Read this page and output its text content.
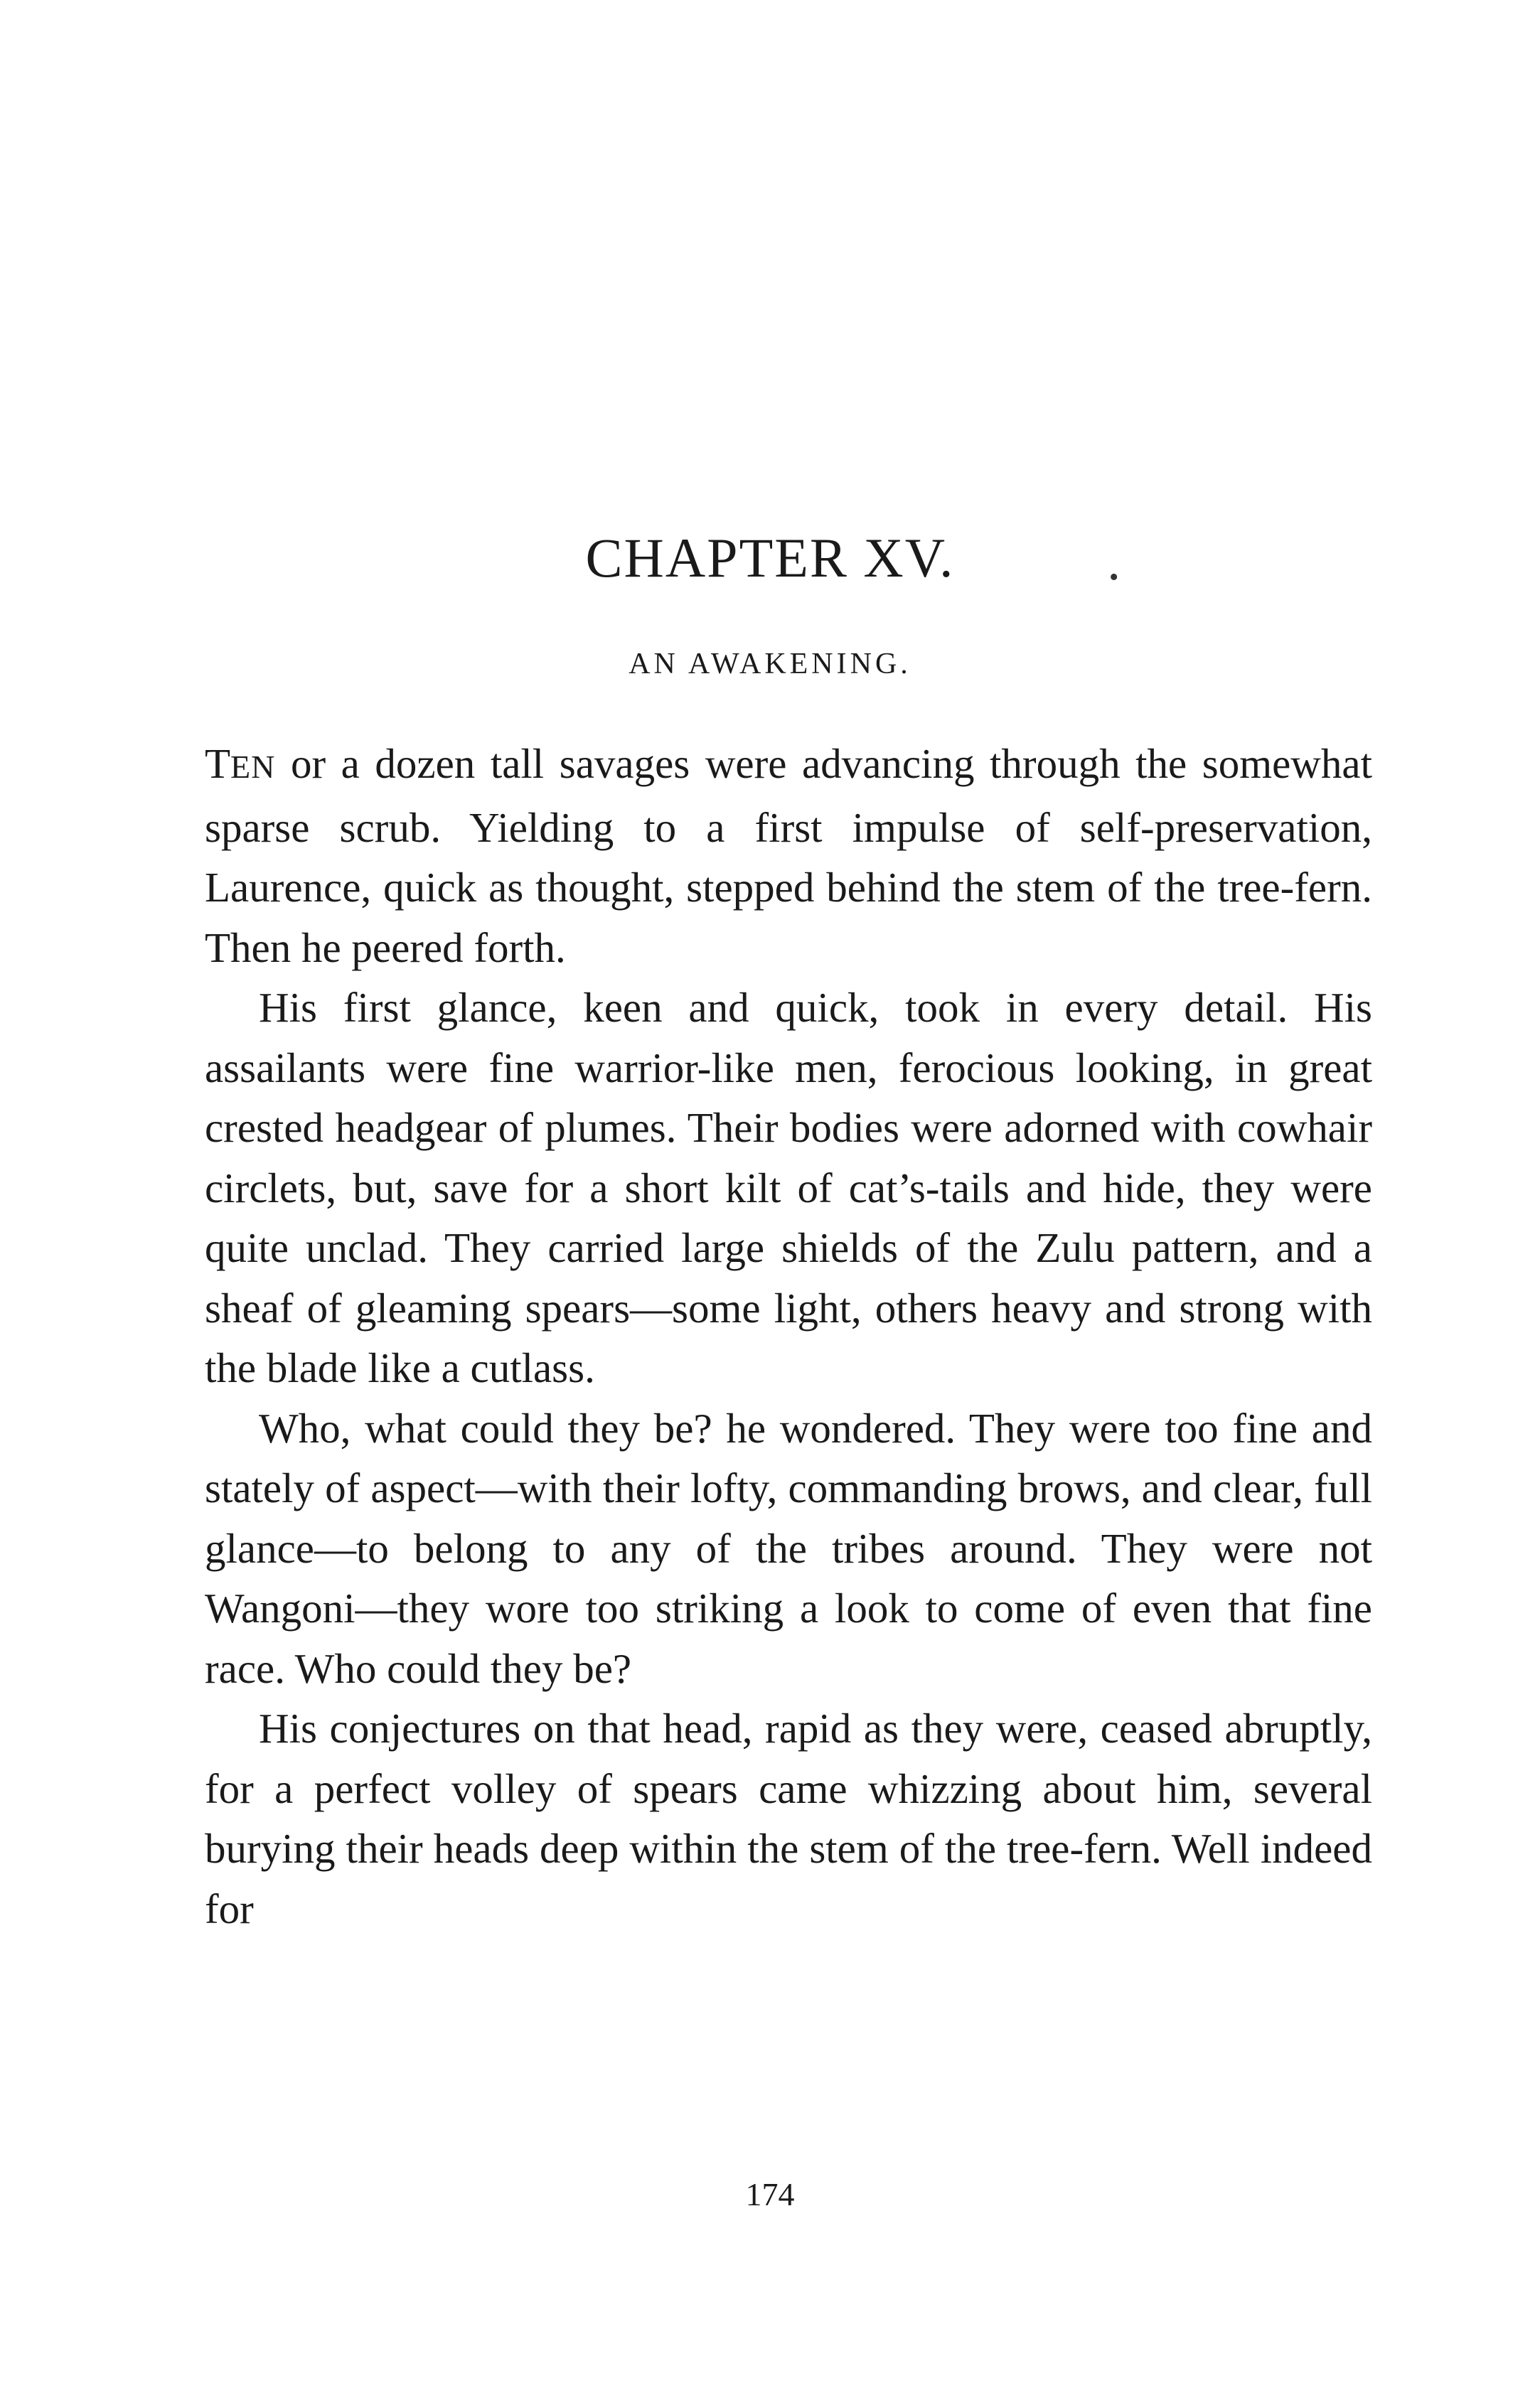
CHAPTER XV.	•
AN AWAKENING.

TEN or a dozen tall savages were advancing through the somewhat sparse scrub. Yielding to a first impulse of self-preservation, Laurence, quick as thought, stepped behind the stem of the tree-fern. Then he peered forth.

His first glance, keen and quick, took in every detail. His assailants were fine warrior-like men, ferocious looking, in great crested headgear of plumes. Their bodies were adorned with cowhair circlets, but, save for a short kilt of cat’s-tails and hide, they were quite unclad. They carried large shields of the Zulu pattern, and a sheaf of gleaming spears—some light, others heavy and strong with the blade like a cutlass.

Who, what could they be? he wondered. They were too fine and stately of aspect—with their lofty, commanding brows, and clear, full glance—to belong to any of the tribes around. They were not Wangoni—they wore too striking a look to come of even that fine race. Who could they be?

His conjectures on that head, rapid as they were, ceased abruptly, for a perfect volley of spears came whizzing about him, several burying their heads deep within the stem of the tree-fern. Well indeed for

174
